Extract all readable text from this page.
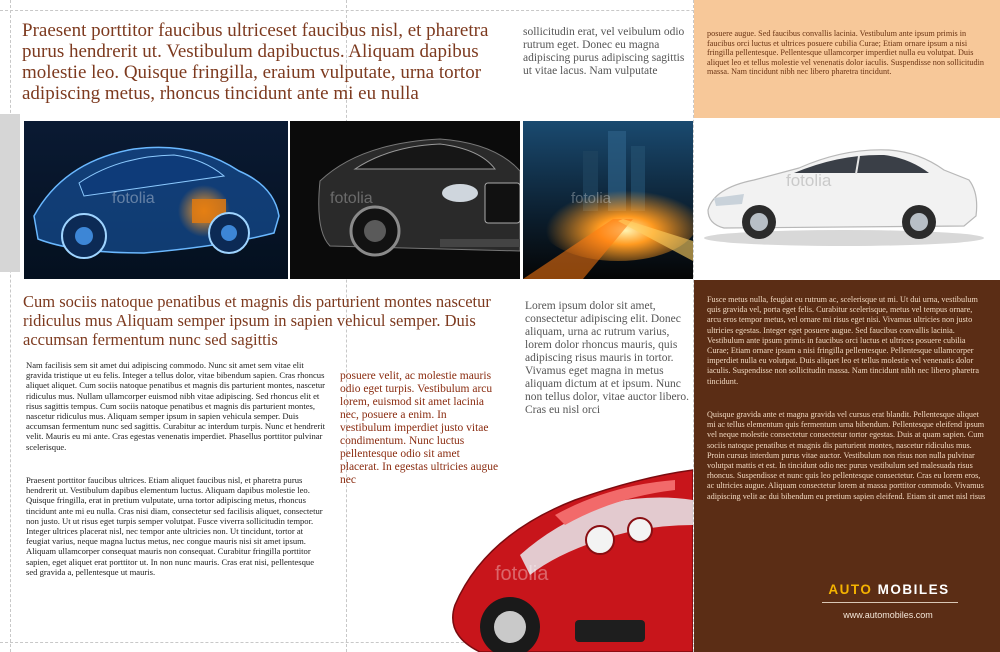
Praesent porttitor faucibus ultriceset faucibus nisl, et pharetra purus hendrerit ut. Vestibulum dapibuctus. Aliquam dapibus molestie leo. Quisque fringilla, eraium vulputate, urna tortor adipiscing metus, rhoncus tincidunt ante mi eu nulla
sollicitudin erat, vel veibulum odio rutrum eget. Donec eu magna adipiscing purus adipiscing sagittis ut vitae lacus. Nam vulputate
fotolia	fotolia	fotolia
posuere augue. Sed faucibus convallis lacinia. Vestibulum ante ipsum primis in faucibus orci luctus et ultrices posuere cubilia Curae; Etiam ornare ipsum a nisi fringilla pellentesque. Pellentesque ullamcorper imperdiet nulla eu volutpat. Duis aliquet leo et tellus molestie vel venenatis dolor iaculis. Suspendisse non sollicitudin massa. Nam tincidunt nibh nec libero pharetra tincidunt.
fotolia
Cum sociis natoque penatibus et magnis dis parturient montes nascetur ridiculus mus Aliquam semper ipsum in sapien vehicul semper. Duis accumsan fermentum nunc sed sagittis
Lorem ipsum dolor sit amet, consectetur adipiscing elit. Donec aliquam, urna ac rutrum varius, lorem dolor rhoncus mauris, quis adipiscing risus mauris in tortor. Vivamus eget magna in metus aliquam dictum at et ipsum. Nunc non tellus dolor, vitae auctor libero. Cras eu nisl orci
Nam facilisis sem sit amet dui adipiscing commodo. Nunc sit amet sem vitae elit gravida tristique ut eu felis. Integer a tellus dolor, vitae bibendum sapien. Cras rhoncus aliquet aliquet. Cum sociis natoque penatibus et magnis dis parturient montes, nascetur ridiculus mus. Nullam ullamcorper euismod nibh vitae adipiscing. Sed rhoncus elit et risus sagittis tempus. Cum sociis natoque penatibus et magnis dis parturient montes, nascetur ridiculus mus. Aliquam semper ipsum in sapien vehicula semper. Duis accumsan fermentum nunc sed sagittis. Curabitur ac interdum turpis. Nunc et hendrerit velit. Mauris eu mi ante. Cras egestas venenatis imperdiet. Phasellus porttitor pulvinar scelerisque.
Praesent porttitor faucibus ultrices. Etiam aliquet faucibus nisl, et pharetra purus hendrerit ut. Vestibulum dapibus elementum luctus. Aliquam dapibus molestie leo. Quisque fringilla, erat in pretium vulputate, urna tortor adipiscing metus, rhoncus tincidunt ante mi eu nulla. Cras nisi diam, consectetur sed facilisis aliquet, consectetur non justo. Ut ut risus eget turpis semper volutpat. Fusce viverra sollicitudin tempor. Integer ultrices placerat nisl, nec tempor ante ultricies non. Ut tincidunt, tortor at feugiat varius, neque magna luctus metus, nec congue mauris nisi sit amet ipsum. Aliquam ullamcorper consequat mauris non consequat. Curabitur fringilla porttitor sapien, eget aliquet erat porttitor ut. In non nunc mauris. Cras erat nisi, pellentesque sed gravida a, pellentesque ut mauris.
posuere velit, ac molestie mauris odio eget turpis. Vestibulum arcu lorem, euismod sit amet lacinia nec, posuere a enim. In vestibulum imperdiet justo vitae condimentum. Nunc luctus pellentesque odio sit amet placerat. In egestas ultricies augue nec
fotolia
Fusce metus nulla, feugiat eu rutrum ac, scelerisque ut mi. Ut dui urna, vestibulum quis gravida vel, porta eget felis. Curabitur scelerisque, metus vel tempus ornare, arcu eros tempor metus, vel ornare mi risus eget nisi. Vivamus ultricies non justo ultricies egestas. Integer eget posuere augue. Sed faucibus convallis lacinia. Vestibulum ante ipsum primis in faucibus orci luctus et ultrices posuere cubilia Curae; Etiam ornare ipsum a nisi fringilla pellentesque. Pellentesque ullamcorper imperdiet nulla eu volutpat. Duis aliquet leo et tellus molestie vel venenatis dolor iaculis. Suspendisse non sollicitudin massa. Nam tincidunt nibh nec libero pharetra tincidunt.
Quisque gravida ante et magna gravida vel cursus erat blandit. Pellentesque aliquet mi ac tellus elementum quis fermentum urna bibendum. Pellentesque eleifend ipsum vel neque molestie consectetur consectetur tortor egestas. Duis at quam sapien. Cum sociis natoque penatibus et magnis dis parturient montes, nascetur ridiculus mus. Proin cursus interdum purus vitae auctor. Vestibulum non risus non nulla pulvinar volutpat mattis et est. In tincidunt odio nec purus vestibulum sed malesuada risus rhoncus. Suspendisse et nunc quis leo pellentesque consectetur. Cras eu lorem eros, ac ultricies augue. Aliquam consectetur lorem at massa porttitor commodo. Vivamus adipiscing velit ac dui bibendum eu pretium sapien eleifend. Etiam sit amet nisl risus
AUTO MOBILES
www.automobiles.com
